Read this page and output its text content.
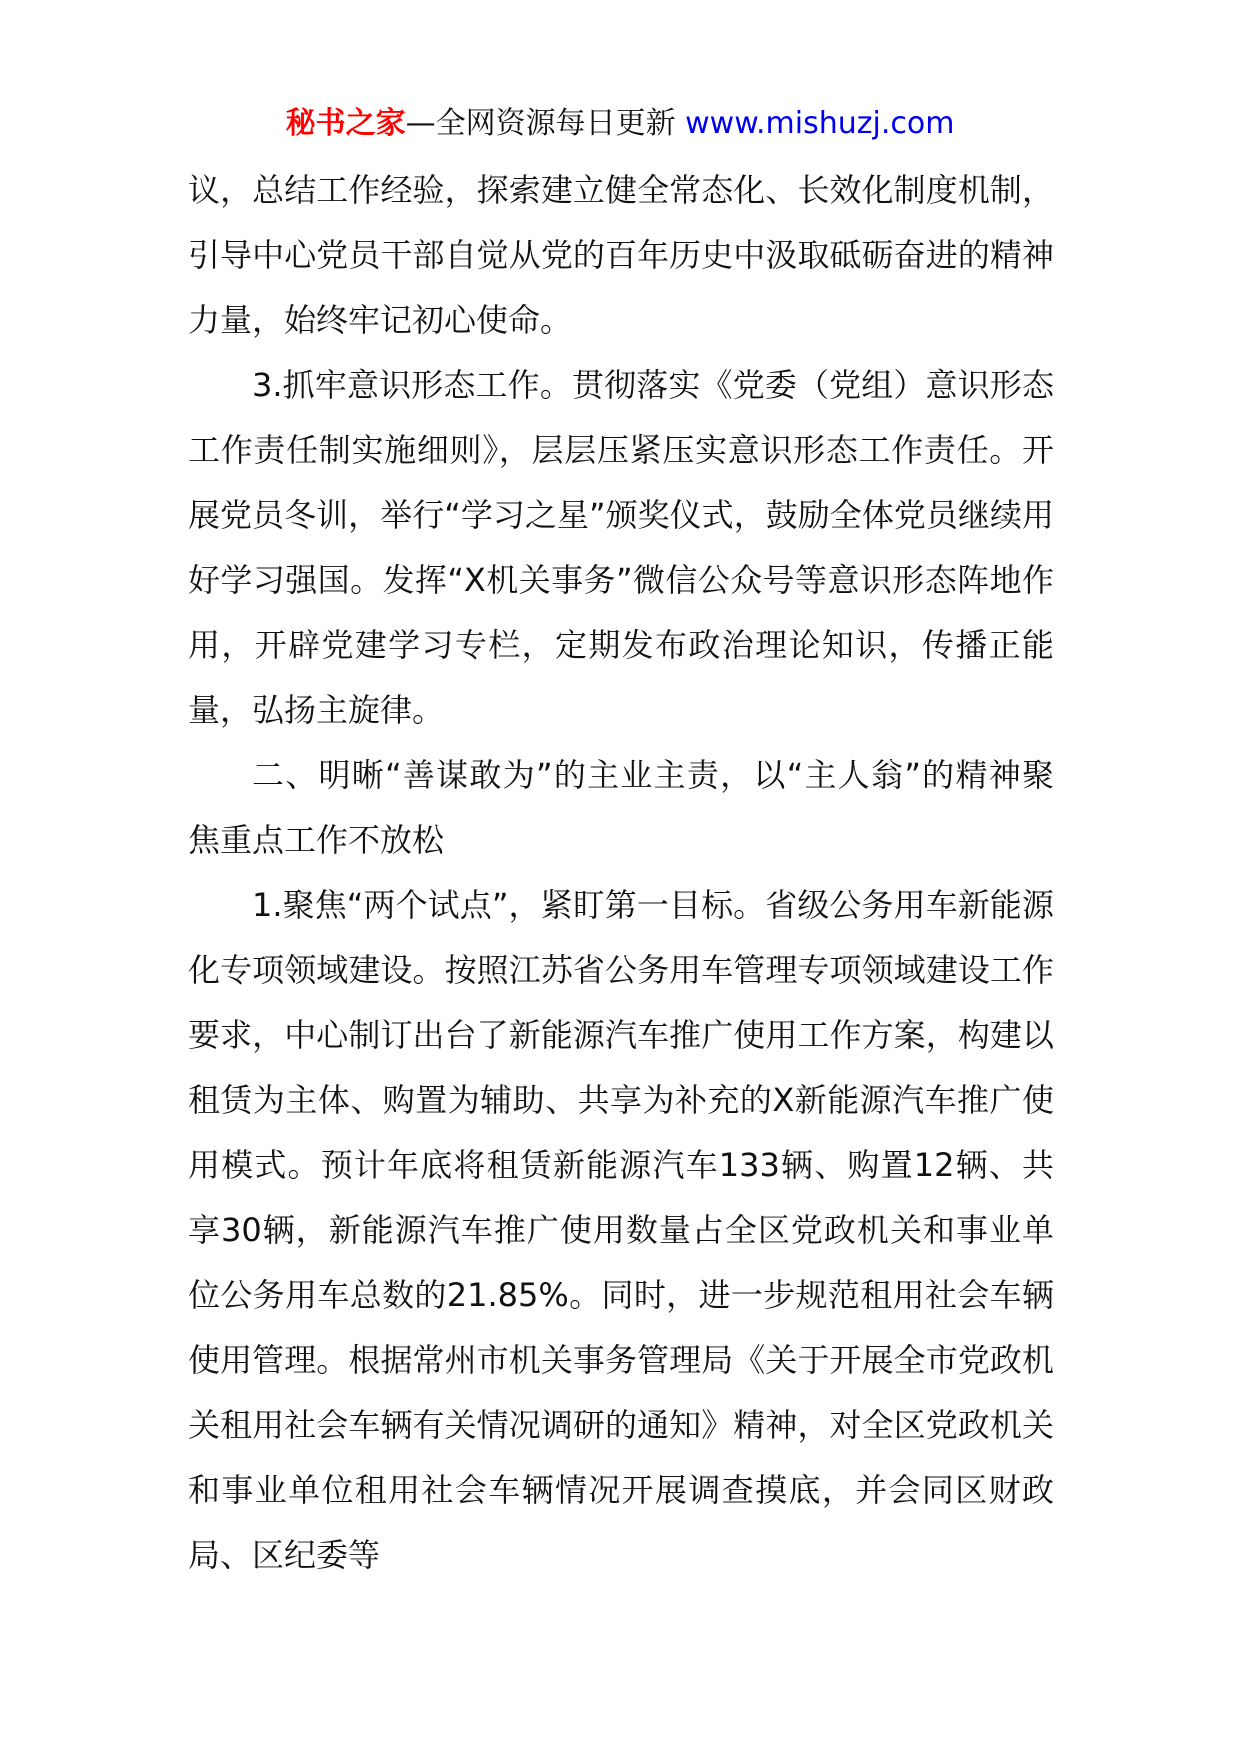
秘书之家—全网资源每日更新 www.mishuzj.com

议，总结工作经验，探索建立健全常态化、长效化制度机制，引导中心党员干部自觉从党的百年历史中汲取砥砺奋进的精神力量，始终牢记初心使命。

3.抓牢意识形态工作。贯彻落实《党委（党组）意识形态工作责任制实施细则》，层层压紧压实意识形态工作责任。开展党员冬训，举行“学习之星”颁奖仪式，鼓励全体党员继续用好学习强国。发挥“X机关事务”微信公众号等意识形态阵地作用，开辟党建学习专栏，定期发布政治理论知识，传播正能量，弘扬主旋律。

二、明晰“善谋敢为”的主业主责，以“主人翁”的精神聚焦重点工作不放松

1.聚焦“两个试点”，紧盯第一目标。省级公务用车新能源化专项领域建设。按照江苏省公务用车管理专项领域建设工作要求，中心制订出台了新能源汽车推广使用工作方案，构建以租赁为主体、购置为辅助、共享为补充的X新能源汽车推广使用模式。预计年底将租赁新能源汽车133辆、购置12辆、共享30辆，新能源汽车推广使用数量占全区党政机关和事业单位公务用车总数的21.85%。同时，进一步规范租用社会车辆使用管理。根据常州市机关事务管理局《关于开展全市党政机关租用社会车辆有关情况调研的通知》精神，对全区党政机关和事业单位租用社会车辆情况开展调查摸底，并会同区财政局、区纪委等
